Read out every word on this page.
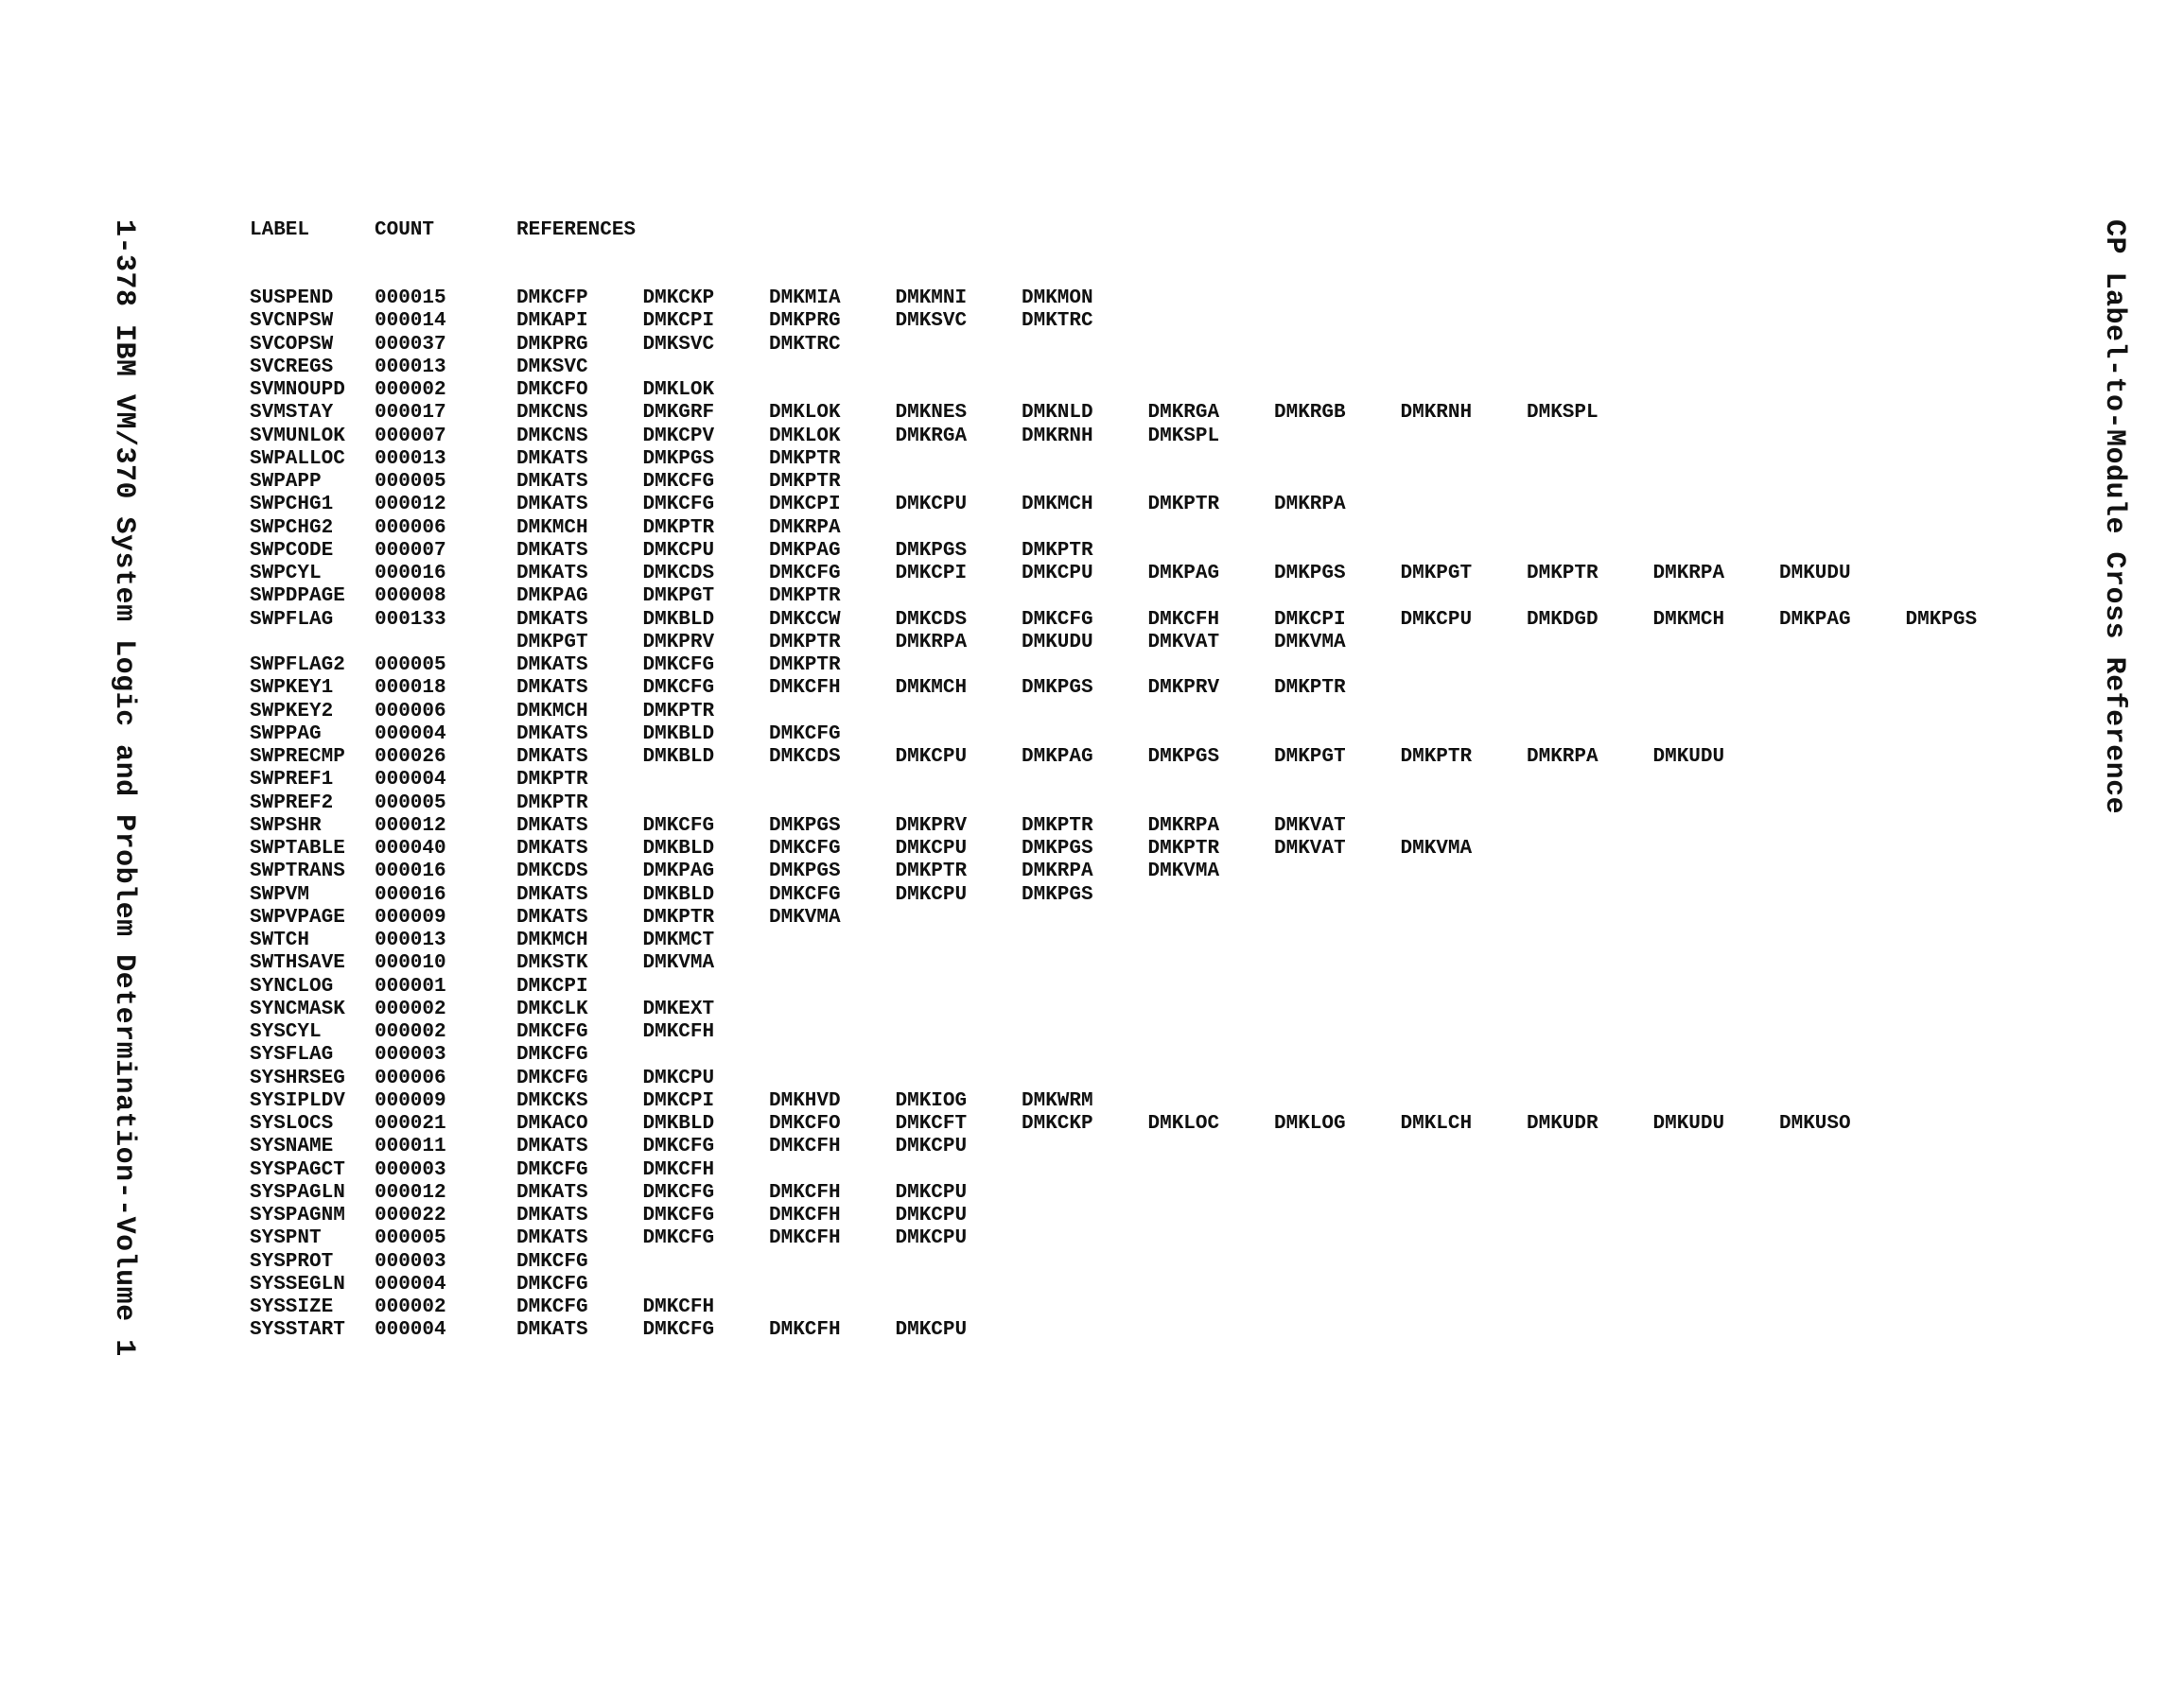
1-378 IBM VM/370 System Logic and Problem Determination--Volume 1	CP Label-to-Module Cross Reference
LABEL	COUNT	REFERENCES
SUSPEND 000015	DMKCFP	DMKCKP	DMKMIA	DMKMNI	DMKMON
SVCNPSW 000014	DMKAPI	DMKCPI	DMKPRG	DMKSVC	DMKTRC
SVCOPSW 000037	DMKPRG	DMKSVC	DMKTRC
SVCREGS 000013	DMKSVC
SVMNOUPD 000002	DMKCFO	DMKLOK
SVMSTAY 000017	DMKCNS	DMKGRF	DMKLOK	DMKNES	DMKNLD	DMKRGA	DMKRGB	DMKRNH	DMKSPL
SVMUNLOK 000007	DMKCNS	DMKCPV	DMKLOK	DMKRGA	DMKRNH	DMKSPL
SWPALLOC 000013	DMKATS	DMKPGS	DMKPTR
SWPAPP	000005	DMKATS	DMKCFG	DMKPTR
SWPCHG1 000012	DMKATS	DMKCFG	DMKCPI	DMKCPU	DMKMCH	DMKPTR	DMKRPA
SWPCHG2 000006	DMKMCH	DMKPTR	DMKRPA
SWPCODE 000007	DMKATS	DMKCPU	DMKPAG	DMKPGS	DMKPTR
SWPCYL	000016	DMKATS	DMKCDS	DMKCFG	DMKCPI	DMKCPU	DMKPAG	DMKPGS	DMKPGT	DMKPTR	DMKRPA	DMKUDU
SWPDPAGE 000008	DMKPAG	DMKPGT	DMKPTR
SWPFLAG 000133	DMKATS	DMKBLD	DMKCCW	DMKCDS	DMKCFG	DMKCFH	DMKCPI	DMKCPU	DMKDGD	DMKMCH	DMKPAG	DMKPGS
DMKPGT	DMKPRV	DMKPTR	DMKRPA	DMKUDU	DMKVAT	DMKVMA
SWPFLAG2 000005	DMKATS	DMKCFG	DMKPTR
SWPKEY1 000018	DMKATS	DMKCFG	DMKCFH	DMKMCH	DMKPGS	DMKPRV	DMKPTR
SWPKEY2 000006	DMKMCH	DMKPTR
SWPPAG	000004	DMKATS	DMKBLD	DMKCFG
SWPRECMP 000026	DMKATS	DMKBLD	DMKCDS	DMKCPU	DMKPAG	DMKPGS	DMKPGT	DMKPTR	DMKRPA	DMKUDU
SWPREF1 000004	DMKPTR
SWPREF2 000005	DMKPTR
SWPSHR	000012	DMKATS	DMKCFG	DMKPGS	DMKPRV	DMKPTR	DMKRPA	DMKVAT
SWPTABLE 000040	DMKATS	DMKBLD	DMKCFG	DMKCPU	DMKPGS	DMKPTR	DMKVAT	DMKVMA
SWPTRANS 000016	DMKCDS	DMKPAG	DMKPGS	DMKPTR	DMKRPA	DMKVMA
SWPVM	000016	DMKATS	DMKBLD	DMKCFG	DMKCPU	DMKPGS
SWPVPAGE 000009	DMKATS	DMKPTR	DMKVMA
SWTCH	000013	DMKMCH	DMKMCT
SWTHSAVE 000010	DMKSTK	DMKVMA
SYNCLOG 000001	DMKCPI
SYNCMASK 000002	DMKCLK	DMKEXT
SYSCYL	000002	DMKCFG	DMKCFH
SYSFLAG 000003	DMKCFG
SYSHRSEG 000006	DMKCFG	DMKCPU
SYSIPLDV 000009	DMKCKS	DMKCPI	DMKHVD	DMKIOG	DMKWRM
SYSLOCS 000021	DMKACO	DMKBLD	DMKCFO	DMKCFT	DMKCKP	DMKLOC	DMKLOG	DMKLCH	DMKUDR	DMKUDU	DMKUSO
SYSNAME 000011	DMKATS	DMKCFG	DMKCFH	DMKCPU
SYSPAGCT 000003	DMKCFG	DMKCFH
SYSPAGLN 000012	DMKATS	DMKCFG	DMKCFH	DMKCPU
SYSPAGNM 000022	DMKATS	DMKCFG	DMKCFH	DMKCPU
SYSPNT	000005	DMKATS	DMKCFG	DMKCFH	DMKCPU
SYSPROT 000003	DMKCFG
SYSSEGLN 000004	DMKCFG
SYSSIZE 000002	DMKCFG	DMKCFH
SYSSTART 000004	DMKATS	DMKCFG	DMKCFH	DMKCPU
